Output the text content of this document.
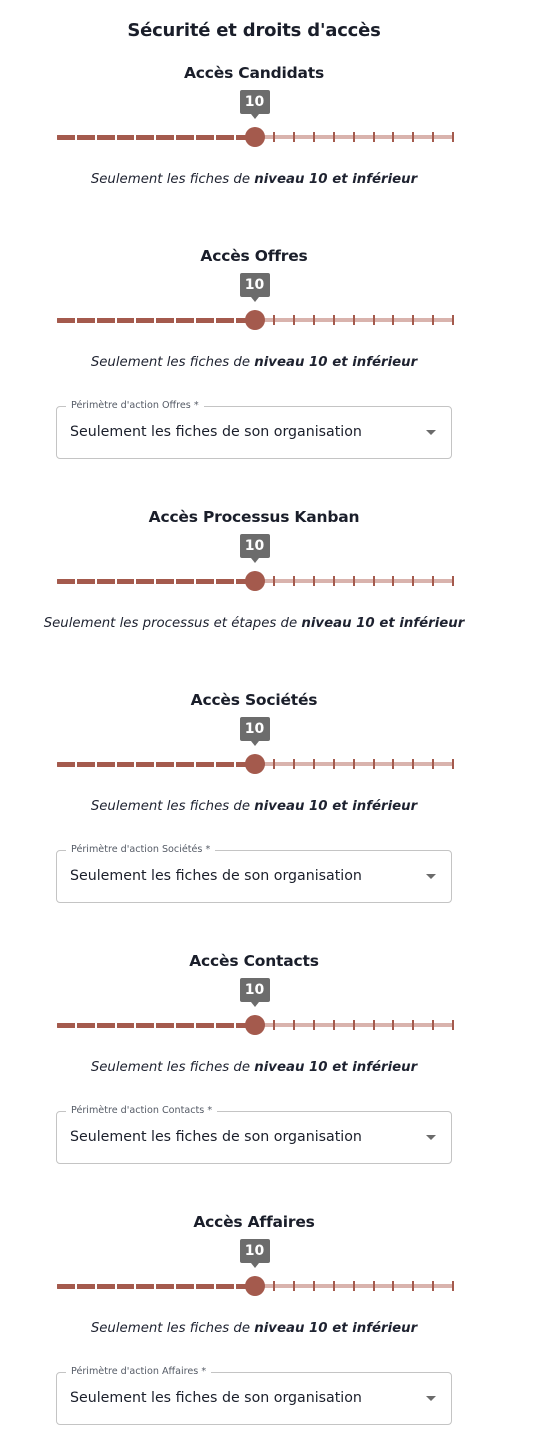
Sécurité et droits d'accès
Accès Candidats
10
Seulement les fiches de niveau 10 et inférieur
Accès Offres
10
Seulement les fiches de niveau 10 et inférieur
Périmètre d'action Offres *
Seulement les fiches de son organisation
Accès Processus Kanban
10
Seulement les processus et étapes de niveau 10 et inférieur
Accès Sociétés
10
Seulement les fiches de niveau 10 et inférieur
Périmètre d'action Sociétés *
Seulement les fiches de son organisation
Accès Contacts
10
Seulement les fiches de niveau 10 et inférieur
Périmètre d'action Contacts *
Seulement les fiches de son organisation
Accès Affaires
10
Seulement les fiches de niveau 10 et inférieur
Périmètre d'action Affaires *
Seulement les fiches de son organisation
